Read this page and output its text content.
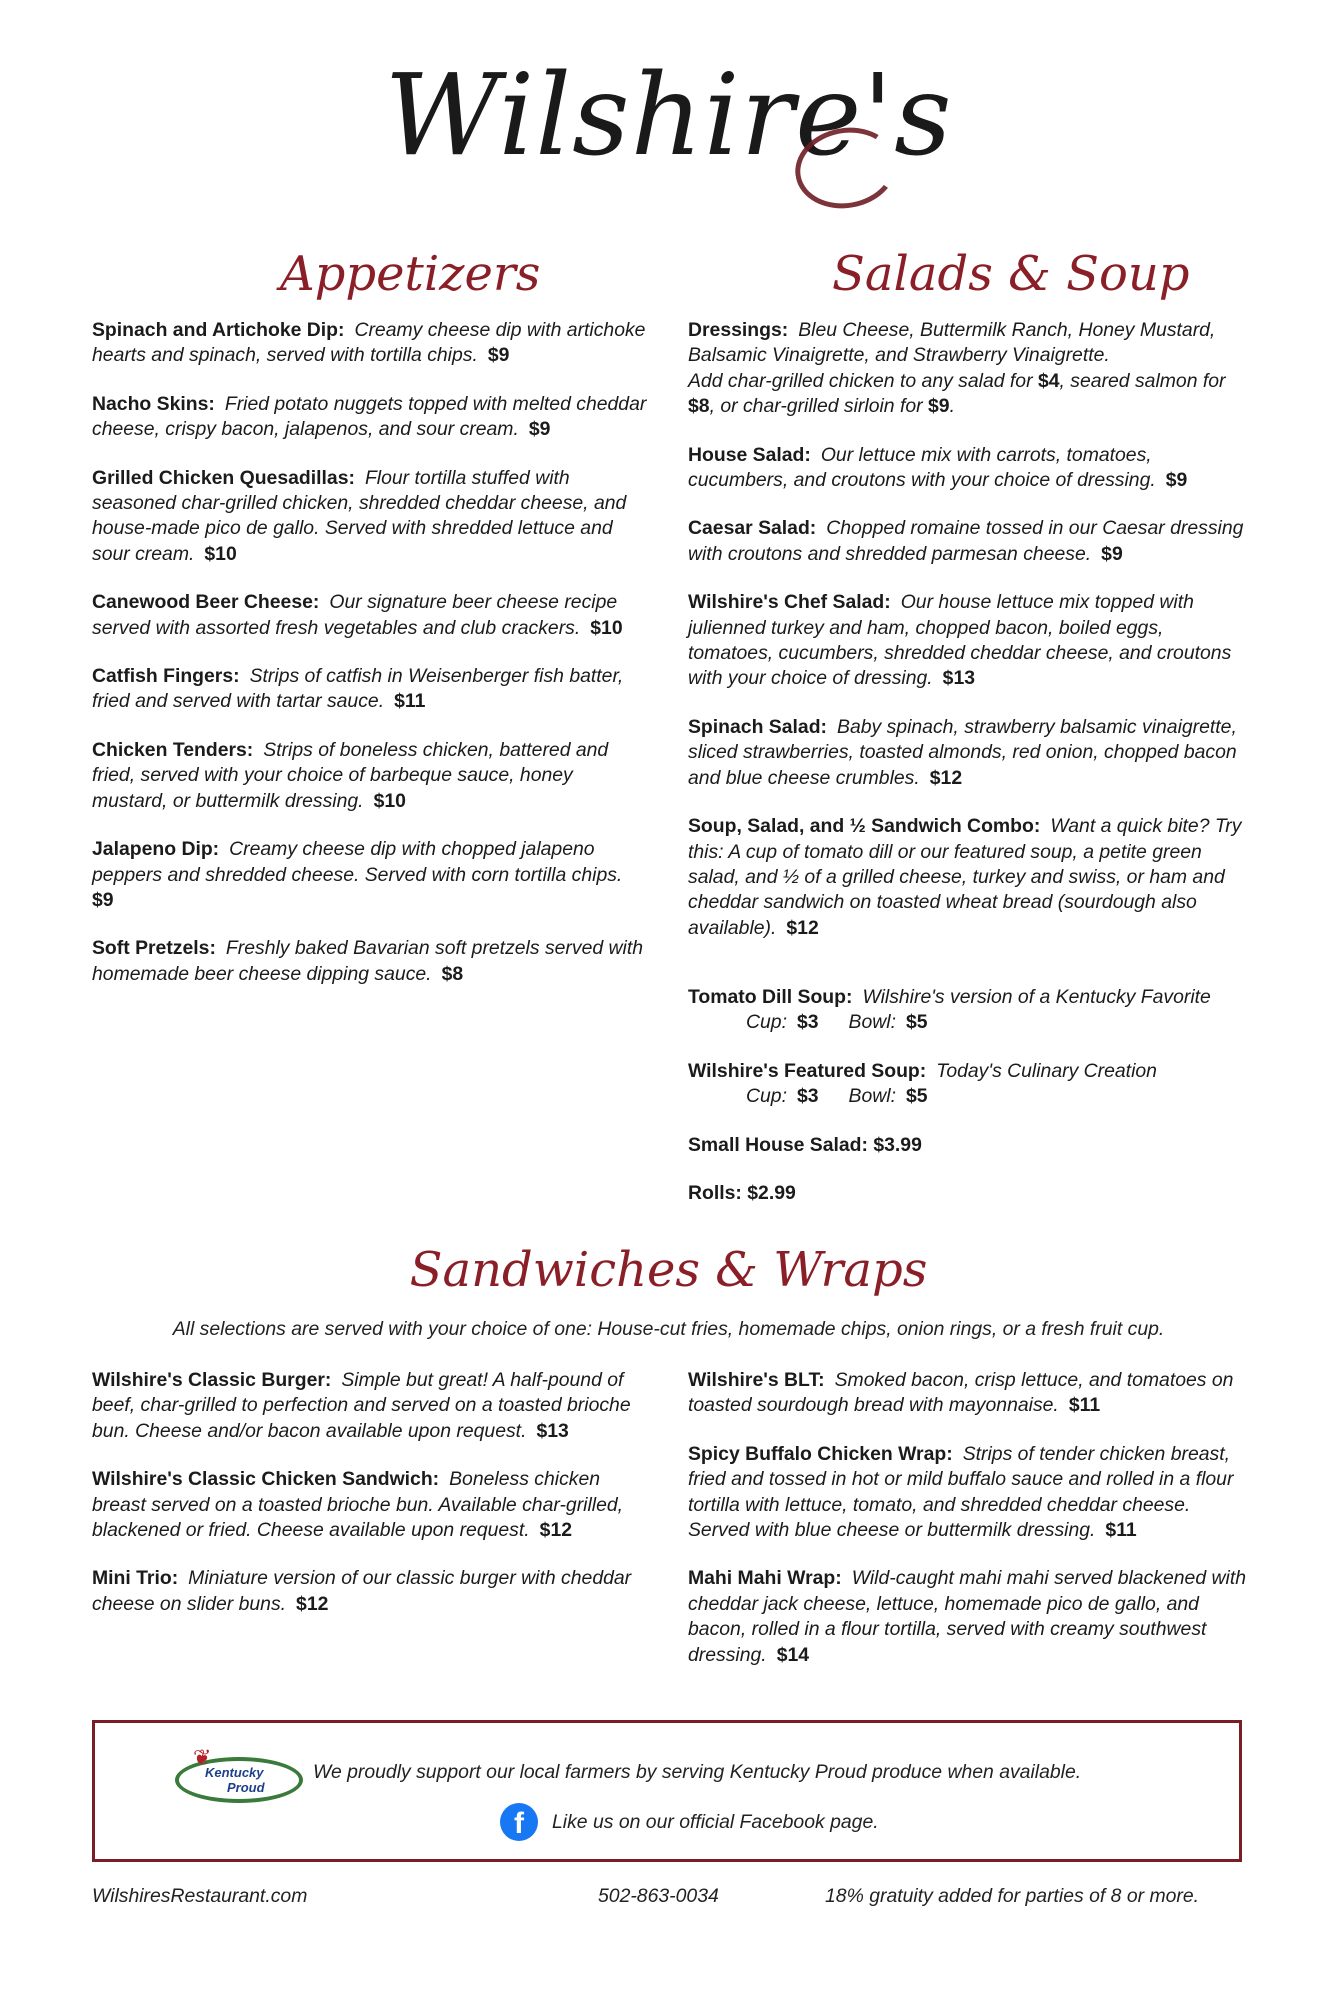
Wilshire's
Appetizers	Salads & Soup
Spinach and Artichoke Dip: Creamy cheese dip with artichoke hearts and spinach, served with tortilla chips. $9
Nacho Skins: Fried potato nuggets topped with melted cheddar cheese, crispy bacon, jalapenos, and sour cream. $9
Grilled Chicken Quesadillas: Flour tortilla stuffed with seasoned char-grilled chicken, shredded cheddar cheese, and house-made pico de gallo. Served with shredded lettuce and sour cream. $10
Canewood Beer Cheese: Our signature beer cheese recipe served with assorted fresh vegetables and club crackers. $10
Catfish Fingers: Strips of catfish in Weisenberger fish batter, fried and served with tartar sauce. $11
Chicken Tenders: Strips of boneless chicken, battered and fried, served with your choice of barbeque sauce, honey mustard, or buttermilk dressing. $10
Jalapeno Dip: Creamy cheese dip with chopped jalapeno peppers and shredded cheese. Served with corn tortilla chips.$9
Soft Pretzels: Freshly baked Bavarian soft pretzels served with homemade beer cheese dipping sauce. $8
Dressings: Bleu Cheese, Buttermilk Ranch, Honey Mustard, Balsamic Vinaigrette, and Strawberry Vinaigrette.
Add char-grilled chicken to any salad for $4, seared salmon for $8, or char-grilled sirloin for $9.
House Salad: Our lettuce mix with carrots, tomatoes, cucumbers, and croutons with your choice of dressing. $9
Caesar Salad: Chopped romaine tossed in our Caesar dressing with croutons and shredded parmesan cheese. $9
Wilshire's Chef Salad: Our house lettuce mix topped with julienned turkey and ham, chopped bacon, boiled eggs, tomatoes, cucumbers, shredded cheddar cheese, and croutons with your choice of dressing. $13
Spinach Salad: Baby spinach, strawberry balsamic vinaigrette, sliced strawberries, toasted almonds, red onion, chopped bacon and blue cheese crumbles. $12
Soup, Salad, and ½ Sandwich Combo: Want a quick bite? Try this: A cup of tomato dill or our featured soup, a petite green salad, and ½ of a grilled cheese, turkey and swiss, or ham and cheddar sandwich on toasted wheat bread (sourdough also available). $12
Tomato Dill Soup: Wilshire's version of a Kentucky Favorite
Cup: $3 Bowl: $5
Wilshire's Featured Soup: Today's Culinary Creation
Cup: $3 Bowl: $5
Small House Salad: $3.99
Rolls: $2.99
Sandwiches & Wraps
All selections are served with your choice of one: House-cut fries, homemade chips, onion rings, or a fresh fruit cup.
Wilshire's Classic Burger: Simple but great! A half-pound of beef, char-grilled to perfection and served on a toasted brioche bun. Cheese and/or bacon available upon request. $13
Wilshire's Classic Chicken Sandwich: Boneless chicken breast served on a toasted brioche bun. Available char-grilled, blackened or fried. Cheese available upon request. $12
Mini Trio: Miniature version of our classic burger with cheddar cheese on slider buns. $12
Wilshire's BLT: Smoked bacon, crisp lettuce, and tomatoes on toasted sourdough bread with mayonnaise. $11
Spicy Buffalo Chicken Wrap: Strips of tender chicken breast, fried and tossed in hot or mild buffalo sauce and rolled in a flour tortilla with lettuce, tomato, and shredded cheddar cheese. Served with blue cheese or buttermilk dressing. $11
Mahi Mahi Wrap: Wild-caught mahi mahi served blackened with cheddar jack cheese, lettuce, homemade pico de gallo, and bacon, rolled in a flour tortilla, served with creamy southwest dressing. $14
❦
Kentucky
Proud
We proudly support our local farmers by serving Kentucky Proud produce when available.
f	Like us on our official Facebook page.
WilshiresRestaurant.com	502-863-0034	18% gratuity added for parties of 8 or more.
